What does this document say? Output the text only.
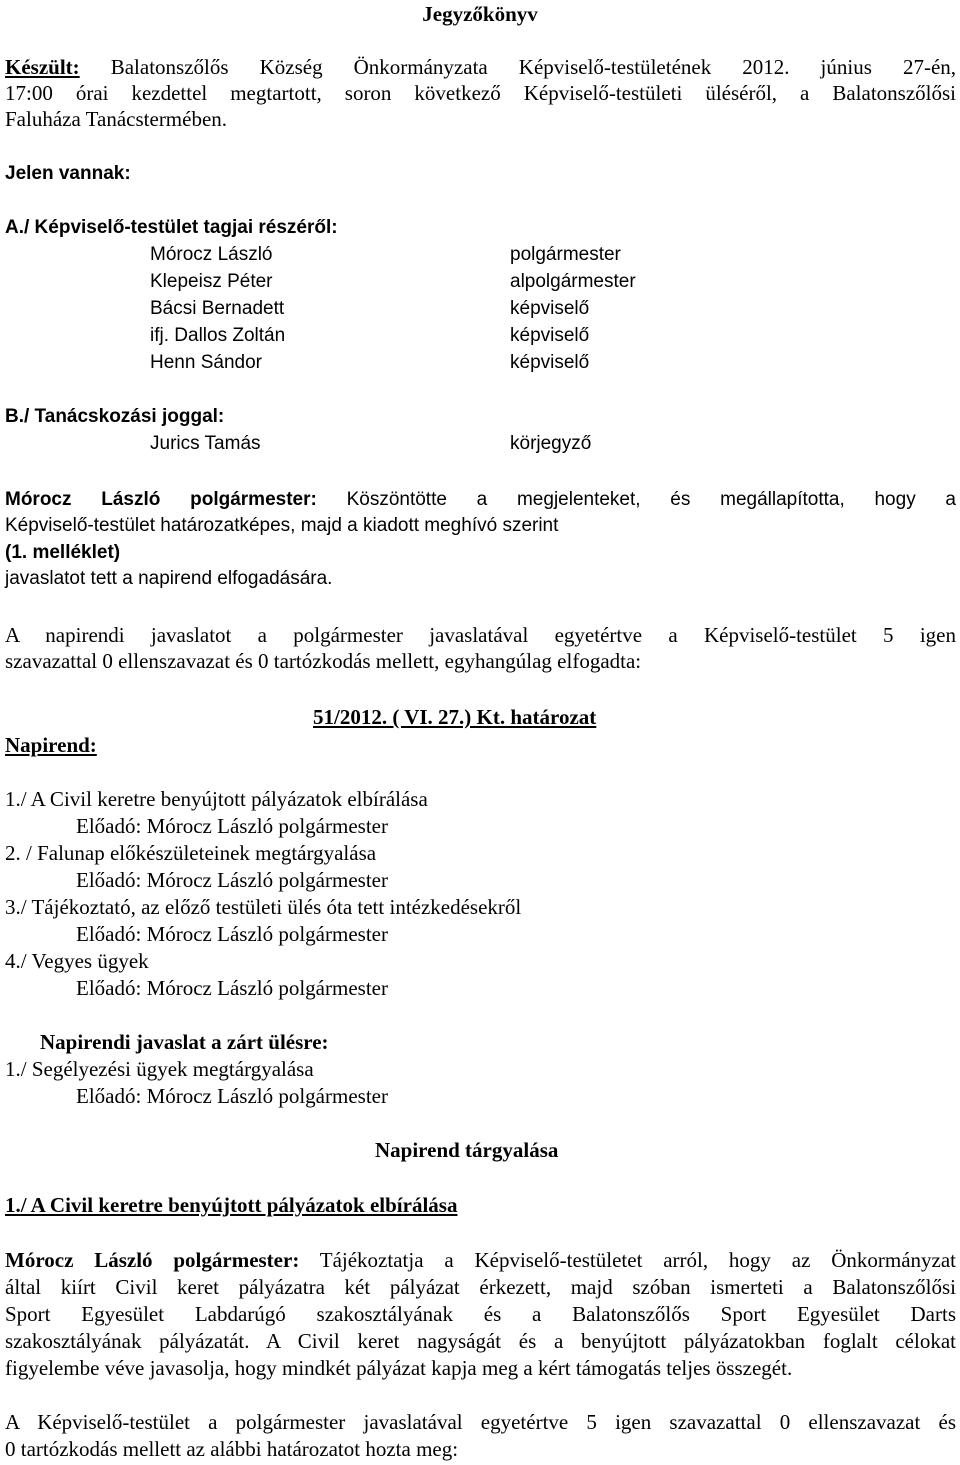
Jegyzőkönyv
Készült: Balatonszőlős Község Önkormányzata Képviselő-testületének 2012. június 27-én,
17:00 órai kezdettel megtartott, soron következő Képviselő-testületi üléséről, a Balatonszőlősi
Faluháza Tanácstermében.
Jelen vannak:
A./ Képviselő-testület tagjai részéről:
Mórocz László	polgármester
Klepeisz Péter	alpolgármester
Bácsi Bernadett	képviselő
ifj. Dallos Zoltán	képviselő
Henn Sándor	képviselő
B./ Tanácskozási joggal:
Jurics Tamás	körjegyző
Mórocz László polgármester: Köszöntötte a megjelenteket, és megállapította, hogy a
Képviselő-testület határozatképes, majd a kiadott meghívó szerint
(1. melléklet)
javaslatot tett a napirend elfogadására.
A napirendi javaslatot a polgármester javaslatával egyetértve a Képviselő-testület 5 igen
szavazattal 0 ellenszavazat és 0 tartózkodás mellett, egyhangúlag elfogadta:
51/2012. ( VI. 27.) Kt. határozat
Napirend:
1./ A Civil keretre benyújtott pályázatok elbírálása
Előadó: Mórocz László polgármester
2. / Falunap előkészületeinek megtárgyalása
Előadó: Mórocz László polgármester
3./ Tájékoztató, az előző testületi ülés óta tett intézkedésekről
Előadó: Mórocz László polgármester
4./ Vegyes ügyek
Előadó: Mórocz László polgármester
Napirendi javaslat a zárt ülésre:
1./ Segélyezési ügyek megtárgyalása
Előadó: Mórocz László polgármester
Napirend tárgyalása
1./ A Civil keretre benyújtott pályázatok elbírálása
Mórocz László polgármester: Tájékoztatja a Képviselő-testületet arról, hogy az Önkormányzat
által kiírt Civil keret pályázatra két pályázat érkezett, majd szóban ismerteti a Balatonszőlősi
Sport Egyesület Labdarúgó szakosztályának és a Balatonszőlős Sport Egyesület Darts
szakosztályának pályázatát. A Civil keret nagyságát és a benyújtott pályázatokban foglalt célokat
figyelembe véve javasolja, hogy mindkét pályázat kapja meg a kért támogatás teljes összegét.
A Képviselő-testület a polgármester javaslatával egyetértve 5 igen szavazattal 0 ellenszavazat és
0 tartózkodás mellett az alábbi határozatot hozta meg:
